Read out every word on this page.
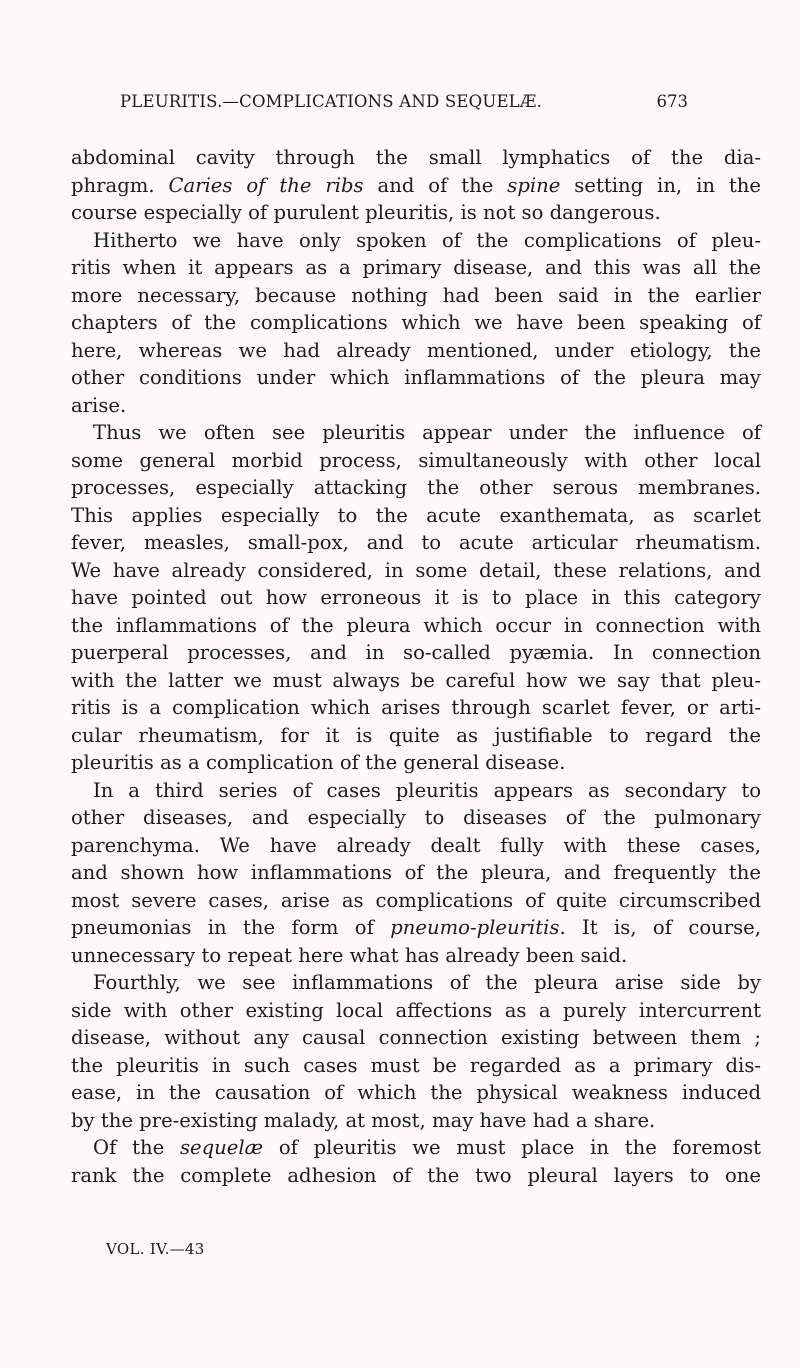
PLEURITIS.—COMPLICATIONS AND SEQUELÆ.	673
abdominal cavity through the small lymphatics of the dia-
phragm. Caries of the ribs and of the spine setting in, in the
course especially of purulent pleuritis, is not so dangerous.
Hitherto we have only spoken of the complications of pleu-
ritis when it appears as a primary disease, and this was all the
more necessary, because nothing had been said in the earlier
chapters of the complications which we have been speaking of
here, whereas we had already mentioned, under etiology, the
other conditions under which inflammations of the pleura may
arise.
Thus we often see pleuritis appear under the influence of
some general morbid process, simultaneously with other local
processes, especially attacking the other serous membranes.
This applies especially to the acute exanthemata, as scarlet
fever, measles, small-pox, and to acute articular rheumatism.
We have already considered, in some detail, these relations, and
have pointed out how erroneous it is to place in this category
the inflammations of the pleura which occur in connection with
puerperal processes, and in so-called pyæmia. In connection
with the latter we must always be careful how we say that pleu-
ritis is a complication which arises through scarlet fever, or arti-
cular rheumatism, for it is quite as justifiable to regard the
pleuritis as a complication of the general disease.
In a third series of cases pleuritis appears as secondary to
other diseases, and especially to diseases of the pulmonary
parenchyma. We have already dealt fully with these cases,
and shown how inflammations of the pleura, and frequently the
most severe cases, arise as complications of quite circumscribed
pneumonias in the form of pneumo-pleuritis. It is, of course,
unnecessary to repeat here what has already been said.
Fourthly, we see inflammations of the pleura arise side by
side with other existing local affections as a purely intercurrent
disease, without any causal connection existing between them ;
the pleuritis in such cases must be regarded as a primary dis-
ease, in the causation of which the physical weakness induced
by the pre-existing malady, at most, may have had a share.
Of the sequelæ of pleuritis we must place in the foremost
rank the complete adhesion of the two pleural layers to one
VOL. IV.—43
